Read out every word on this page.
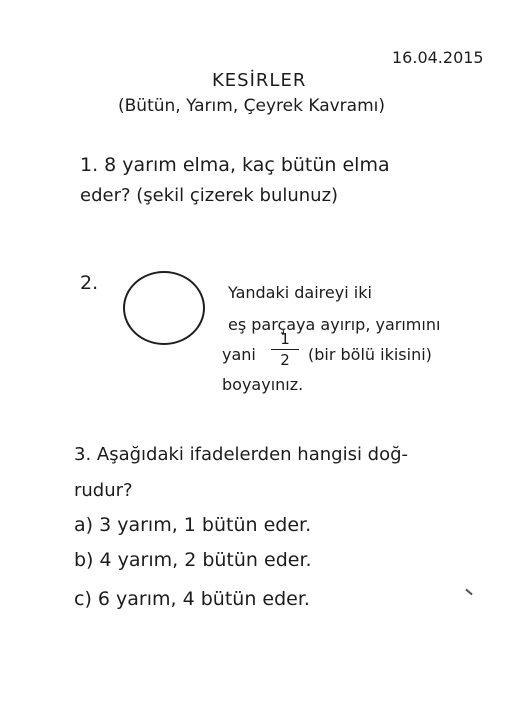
16.04.2015
KESİRLER
(Bütün, Yarım, Çeyrek Kavramı)
1. 8 yarım elma, kaç bütün elma
eder? (şekil çizerek bulunuz)
2.	Yandaki daireyi iki
eş parçaya ayırıp, yarımını
yani
1
2	(bir bölü ikisini)
boyayınız.
3. Aşağıdaki ifadelerden hangisi doğ-
rudur?
a) 3 yarım, 1 bütün eder.
b) 4 yarım, 2 bütün eder.
c) 6 yarım, 4 bütün eder.
